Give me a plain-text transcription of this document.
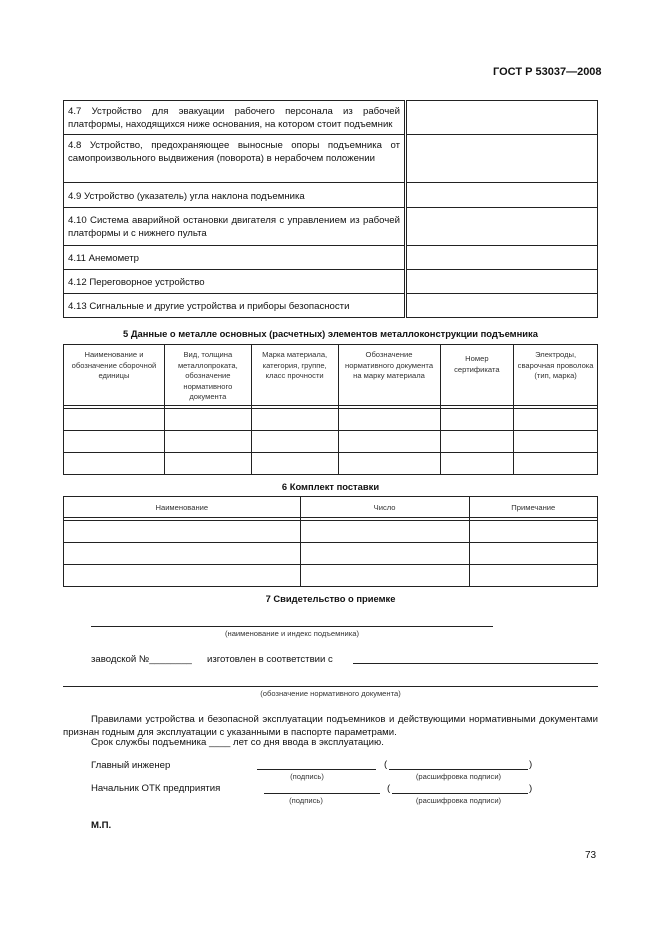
ГОСТ Р 53037—2008
4.7 Устройство для эвакуации рабочего персонала из рабочей платформы, находящихся ниже основания, на котором стоит подъемник	
4.8 Устройство, предохраняющее выносные опоры подъемника от самопроизвольного выдвижения (поворота) в нерабочем положении	
4.9 Устройство (указатель) угла наклона подъемника	
4.10 Система аварийной остановки двигателя с управлением из рабочей платформы и с нижнего пульта	
4.11 Анемометр	
4.12 Переговорное устройство	
4.13 Сигнальные и другие устройства и приборы безопасности	
5 Данные о металле основных (расчетных) элементов металлоконструкции подъемника
Наименование и обозначение сборочной единицы	Вид, толщина металлопроката, обозначение нормативного документа	Марка материала, категория, группе, класс прочности	Обозначение нормативного документа на марку материала	Номер сертификата	Электроды, сварочная проволока (тип, марка)

6 Комплект поставки
Наименование	Число	Примечание

7 Свидетельство о приемке
(наименование и индекс подъемника)
заводской №________ изготовлен в соответствии с
(обозначение нормативного документа)
Правилами устройства и безопасной эксплуатации подъемников и действующими нормативными документами признан годным для эксплуатации с указанными в паспорте параметрами.
Срок службы подъемника ____ лет со дня ввода в эксплуатацию.
Главный инженер	(	)
(подпись)	(расшифровка подписи)
Начальник ОТК предприятия	(	)
(подпись)	(расшифровка подписи)
М.П.
73
